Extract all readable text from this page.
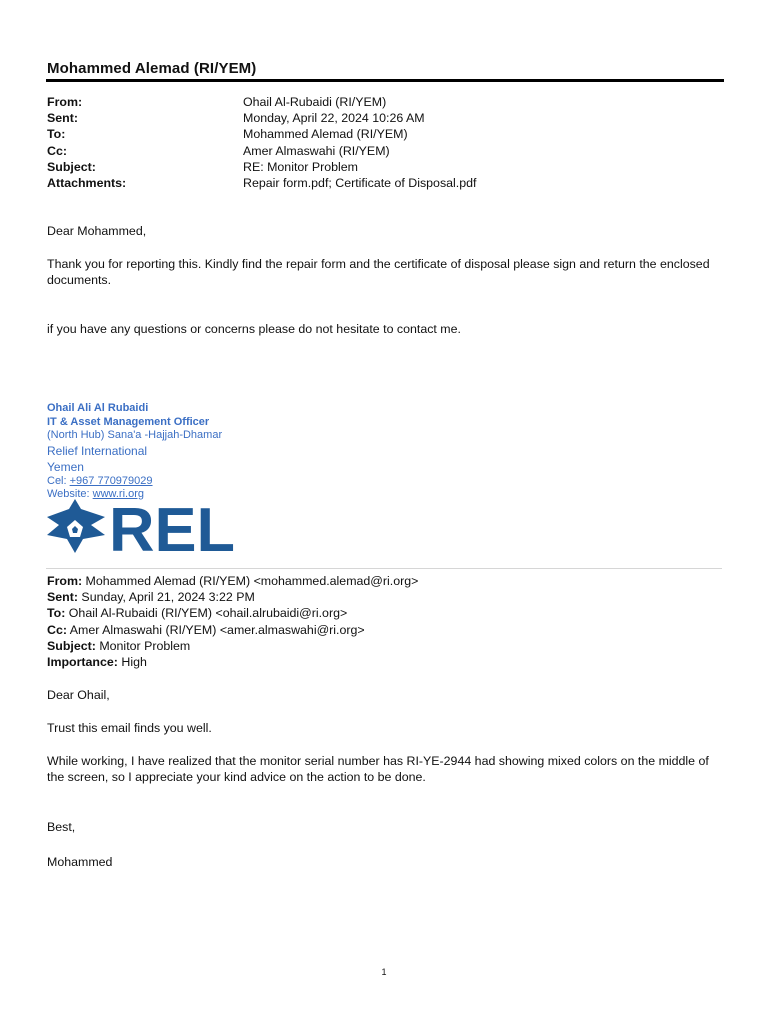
Mohammed Alemad (RI/YEM)
From:	Ohail Al-Rubaidi (RI/YEM)
Sent:	Monday, April 22, 2024 10:26 AM
To:	Mohammed Alemad (RI/YEM)
Cc:	Amer Almaswahi (RI/YEM)
Subject:	RE: Monitor Problem
Attachments:	Repair form.pdf; Certificate of Disposal.pdf
Dear Mohammed,
Thank you for reporting this. Kindly find the repair form and the certificate of disposal please sign and return the enclosed documents.
if you have any questions or concerns please do not hesitate to contact me.
Ohail Ali Al Rubaidi
IT & Asset Management Officer
(North Hub) Sana'a -Hajjah-Dhamar
Relief International
Yemen
Cel: +967 770979029
Website: www.ri.org
REL
From: Mohammed Alemad (RI/YEM) <mohammed.alemad@ri.org>
Sent: Sunday, April 21, 2024 3:22 PM
To: Ohail Al-Rubaidi (RI/YEM) <ohail.alrubaidi@ri.org>
Cc: Amer Almaswahi (RI/YEM) <amer.almaswahi@ri.org>
Subject: Monitor Problem
Importance: High
Dear Ohail,
Trust this email finds you well.
While working, I have realized that the monitor serial number has RI-YE-2944 had showing mixed colors on the middle of the screen, so I appreciate your kind advice on the action to be done.
Best,
Mohammed
1
